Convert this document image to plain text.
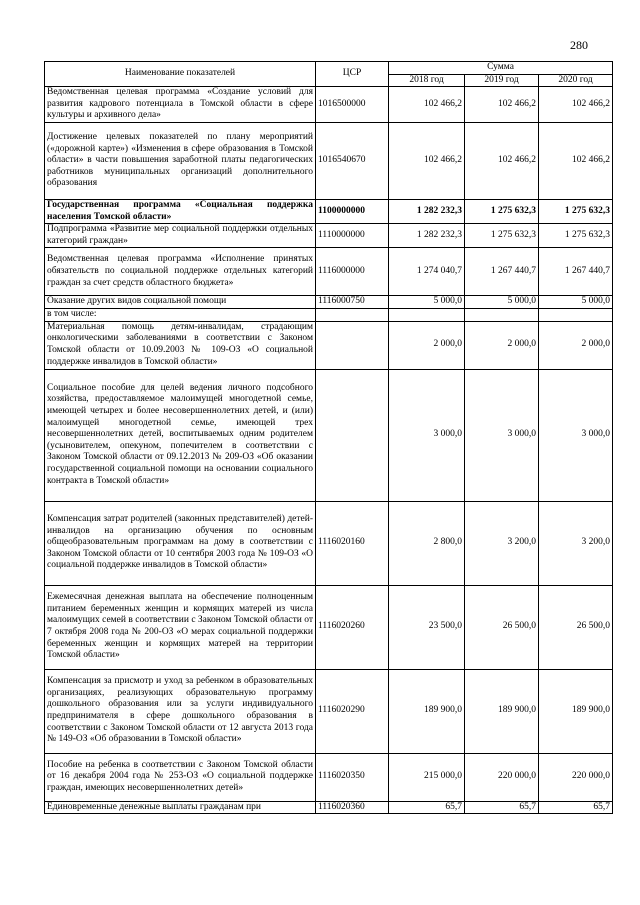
280
Наименование показателей	ЦСР	Сумма		
		2018 год	2019 год	2020 год
Ведомственная целевая программа «Создание условий для развития кадрового потенциала в Томской области в сфере культуры и архивного дела»	1016500000	102 466,2	102 466,2	102 466,2
Достижение целевых показателей по плану мероприятий («дорожной карте») «Изменения в сфере образования в Томской области» в части повышения заработной платы педагогических работников муниципальных организаций дополнительного образования	1016540670	102 466,2	102 466,2	102 466,2
Государственная программа «Социальная поддержка населения Томской области»	1100000000	1 282 232,3	1 275 632,3	1 275 632,3
Подпрограмма «Развитие мер социальной поддержки отдельных категорий граждан»	1110000000	1 282 232,3	1 275 632,3	1 275 632,3
Ведомственная целевая программа «Исполнение принятых обязательств по социальной поддержке отдельных категорий граждан за счет средств областного бюджета»	1116000000	1 274 040,7	1 267 440,7	1 267 440,7
Оказание других видов социальной помощи	1116000750	5 000,0	5 000,0	5 000,0
в том числе:				
Материальная помощь детям-инвалидам, страдающим онкологическими заболеваниями в соответствии с Законом Томской области от 10.09.2003 № 109-ОЗ «О социальной поддержке инвалидов в Томской области»		2 000,0	2 000,0	2 000,0
Социальное пособие для целей ведения личного подсобного хозяйства, предоставляемое малоимущей многодетной семье, имеющей четырех и более несовершеннолетних детей, и (или) малоимущей многодетной семье, имеющей трех несовершеннолетних детей, воспитываемых одним родителем (усыновителем, опекуном, попечителем в соответствии с Законом Томской области от 09.12.2013 № 209-ОЗ «Об оказании государственной социальной помощи на основании социального контракта в Томской области»		3 000,0	3 000,0	3 000,0
Компенсация затрат родителей (законных представителей) детей-инвалидов на организацию обучения по основным общеобразовательным программам на дому в соответствии с Законом Томской области от 10 сентября 2003 года № 109-ОЗ «О социальной поддержке инвалидов в Томской области»	1116020160	2 800,0	3 200,0	3 200,0
Ежемесячная денежная выплата на обеспечение полноценным питанием беременных женщин и кормящих матерей из числа малоимущих семей в соответствии с Законом Томской области от 7 октября 2008 года № 200-ОЗ «О мерах социальной поддержки беременных женщин и кормящих матерей на территории Томской области»	1116020260	23 500,0	26 500,0	26 500,0
Компенсация за присмотр и уход за ребенком в образовательных организациях, реализующих образовательную программу дошкольного образования или за услуги индивидуального предпринимателя в сфере дошкольного образования в соответствии с Законом Томской области от 12 августа 2013 года № 149-ОЗ «Об образовании в Томской области»	1116020290	189 900,0	189 900,0	189 900,0
Пособие на ребенка в соответствии с Законом Томской области от 16 декабря 2004 года № 253-ОЗ «О социальной поддержке граждан, имеющих несовершеннолетних детей»	1116020350	215 000,0	220 000,0	220 000,0
Единовременные денежные выплаты гражданам при	1116020360	65,7	65,7	65,7
